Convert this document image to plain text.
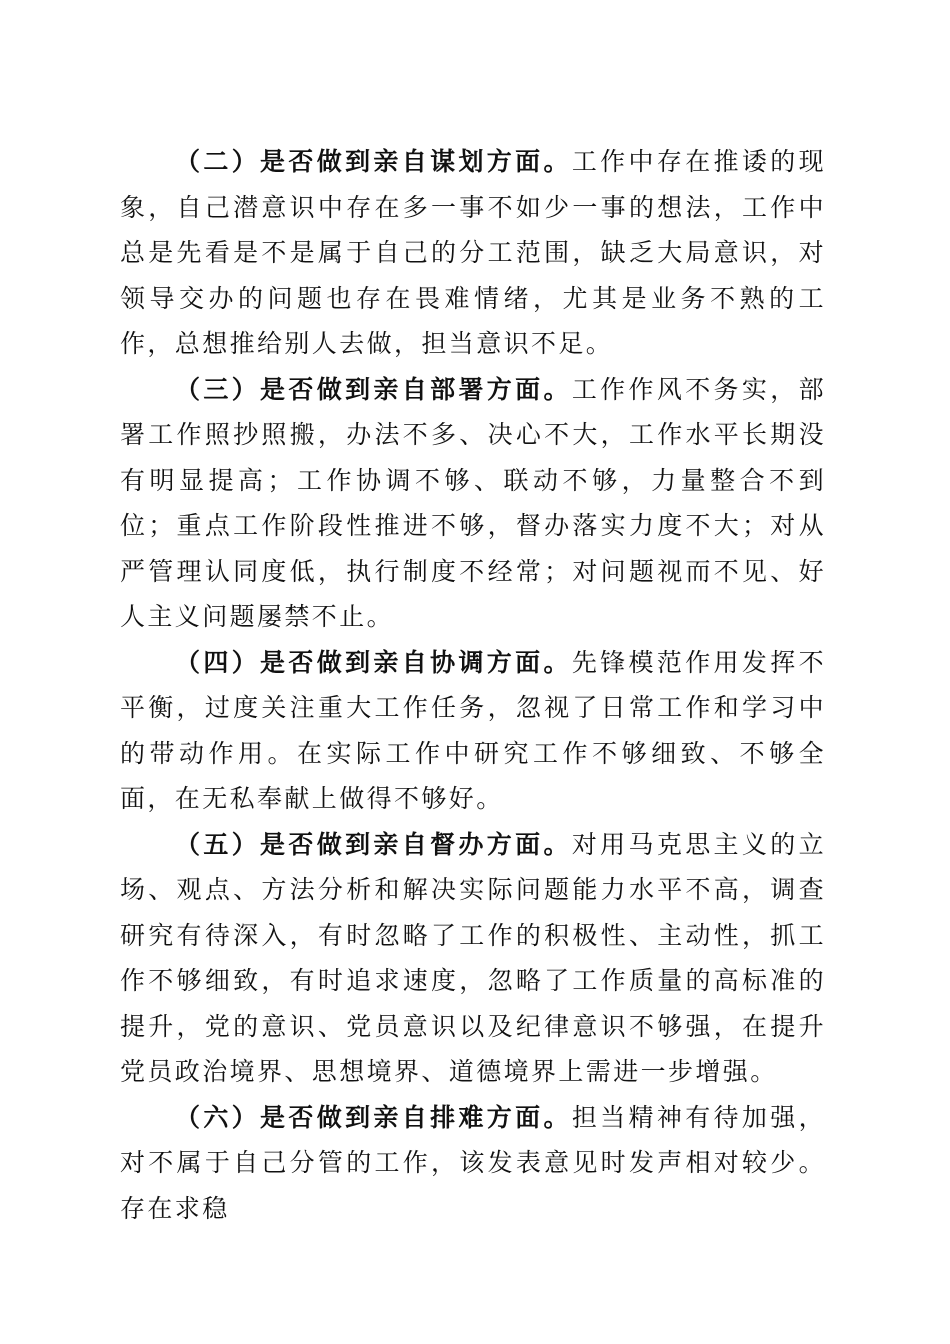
（二）是否做到亲自谋划方面。工作中存在推诿的现象，自己潜意识中存在多一事不如少一事的想法，工作中总是先看是不是属于自己的分工范围，缺乏大局意识，对领导交办的问题也存在畏难情绪，尤其是业务不熟的工作，总想推给别人去做，担当意识不足。

（三）是否做到亲自部署方面。工作作风不务实，部署工作照抄照搬，办法不多、决心不大，工作水平长期没有明显提高；工作协调不够、联动不够，力量整合不到位；重点工作阶段性推进不够，督办落实力度不大；对从严管理认同度低，执行制度不经常；对问题视而不见、好人主义问题屡禁不止。

（四）是否做到亲自协调方面。先锋模范作用发挥不平衡，过度关注重大工作任务，忽视了日常工作和学习中的带动作用。在实际工作中研究工作不够细致、不够全面，在无私奉献上做得不够好。

（五）是否做到亲自督办方面。对用马克思主义的立场、观点、方法分析和解决实际问题能力水平不高，调查研究有待深入，有时忽略了工作的积极性、主动性，抓工作不够细致，有时追求速度，忽略了工作质量的高标准的提升，党的意识、党员意识以及纪律意识不够强，在提升党员政治境界、思想境界、道德境界上需进一步增强。

（六）是否做到亲自排难方面。担当精神有待加强，对不属于自己分管的工作，该发表意见时发声相对较少。存在求稳
